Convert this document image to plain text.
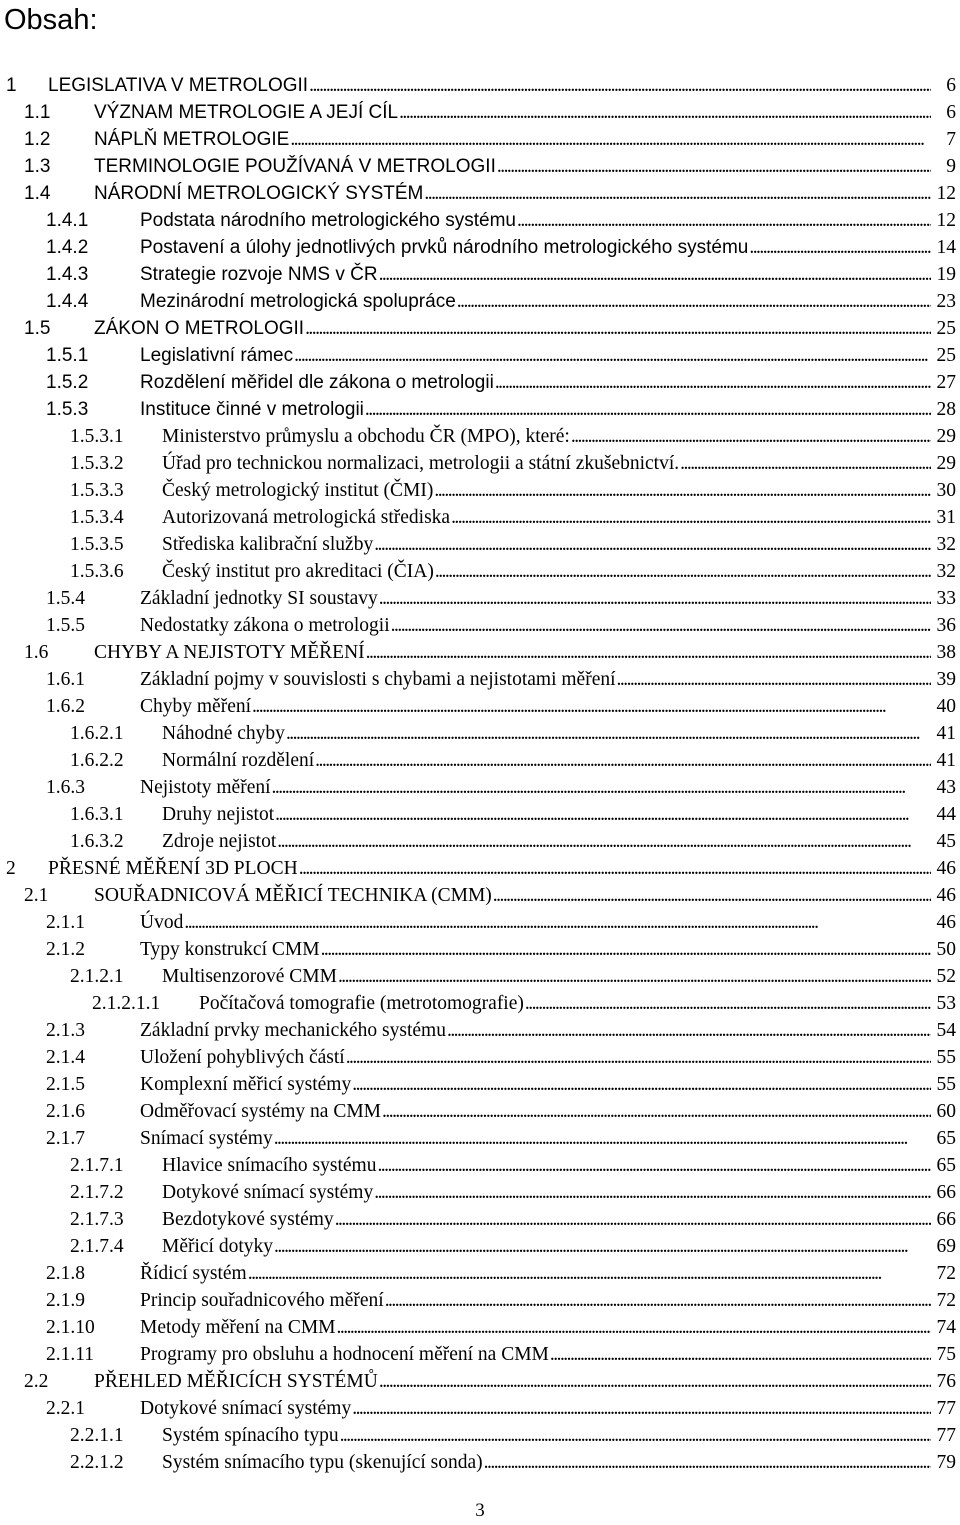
Obsah:
1 LEGISLATIVA V METROLOGII . . .	6
1.1 VÝZNAM METROLOGIE A JEJÍ CÍL . . .	6
1.2 NÁPLŇ METROLOGIE . . .	7
1.3 TERMINOLOGIE POUŽÍVANÁ V METROLOGII . . .	9
1.4 NÁRODNÍ METROLOGICKÝ SYSTÉM . . .	12
1.4.1	Podstata národního metrologického systému . . .	12
1.4.2	Postavení a úlohy jednotlivých prvků národního metrologického systému . . .	14
1.4.3	Strategie rozvoje NMS v ČR . . .	19
1.4.4	Mezinárodní metrologická spolupráce . . .	23
1.5 ZÁKON O METROLOGII . . .	25
1.5.1	Legislativní rámec . . .	25
1.5.2	Rozdělení měřidel dle zákona o metrologii . . .	27
1.5.3	Instituce činné v metrologii . . .	28
1.5.3.1 Ministerstvo průmyslu a obchodu ČR (MPO), které: . . .	29
1.5.3.2 Úřad pro technickou normalizaci, metrologii a státní zkušebnictví. . . .	29
1.5.3.3 Český metrologický institut (ČMI) . . .	30
1.5.3.4 Autorizovaná metrologická střediska . . .	31
1.5.3.5 Střediska kalibrační služby . . .	32
1.5.3.6 Český institut pro akreditaci (ČIA) . . .	32
1.5.4	Základní jednotky SI soustavy . . .	33
1.5.5	Nedostatky zákona o metrologii . . .	36
1.6 CHYBY A NEJISTOTY MĚŘENÍ . . .	38
1.6.1	Základní pojmy v souvislosti s chybami a nejistotami měření . . .	39
1.6.2	Chyby měření . . .	40
1.6.2.1 Náhodné chyby . . .	41
1.6.2.2 Normální rozdělení . . .	41
1.6.3	Nejistoty měření . . .	43
1.6.3.1 Druhy nejistot . . .	44
1.6.3.2 Zdroje nejistot . . .	45
2 PŘESNÉ MĚŘENÍ 3D PLOCH . . .	46
2.1 SOUŘADNICOVÁ MĚŘICÍ TECHNIKA (CMM) . . .	46
2.1.1	Úvod . . .	46
2.1.2	Typy konstrukcí CMM . . .	50
2.1.2.1 Multisenzorové CMM . . .	52
2.1.2.1.1 Počítačová tomografie (metrotomografie) . . .	53
2.1.3	Základní prvky mechanického systému . . .	54
2.1.4	Uložení pohyblivých částí . . .	55
2.1.5	Komplexní měřicí systémy . . .	55
2.1.6	Odměřovací systémy na CMM . . .	60
2.1.7	Snímací systémy . . .	65
2.1.7.1 Hlavice snímacího systému . . .	65
2.1.7.2 Dotykové snímací systémy . . .	66
2.1.7.3 Bezdotykové systémy . . .	66
2.1.7.4 Měřicí dotyky . . .	69
2.1.8	Řídicí systém . . .	72
2.1.9	Princip souřadnicového měření . . .	72
2.1.10 Metody měření na CMM . . .	74
2.1.11 Programy pro obsluhu a hodnocení měření na CMM . . .	75
2.2 PŘEHLED MĚŘICÍCH SYSTÉMŮ . . .	76
2.2.1	Dotykové snímací systémy . . .	77
2.2.1.1 Systém spínacího typu . . .	77
2.2.1.2 Systém snímacího typu (skenující sonda) . . .	79
3
